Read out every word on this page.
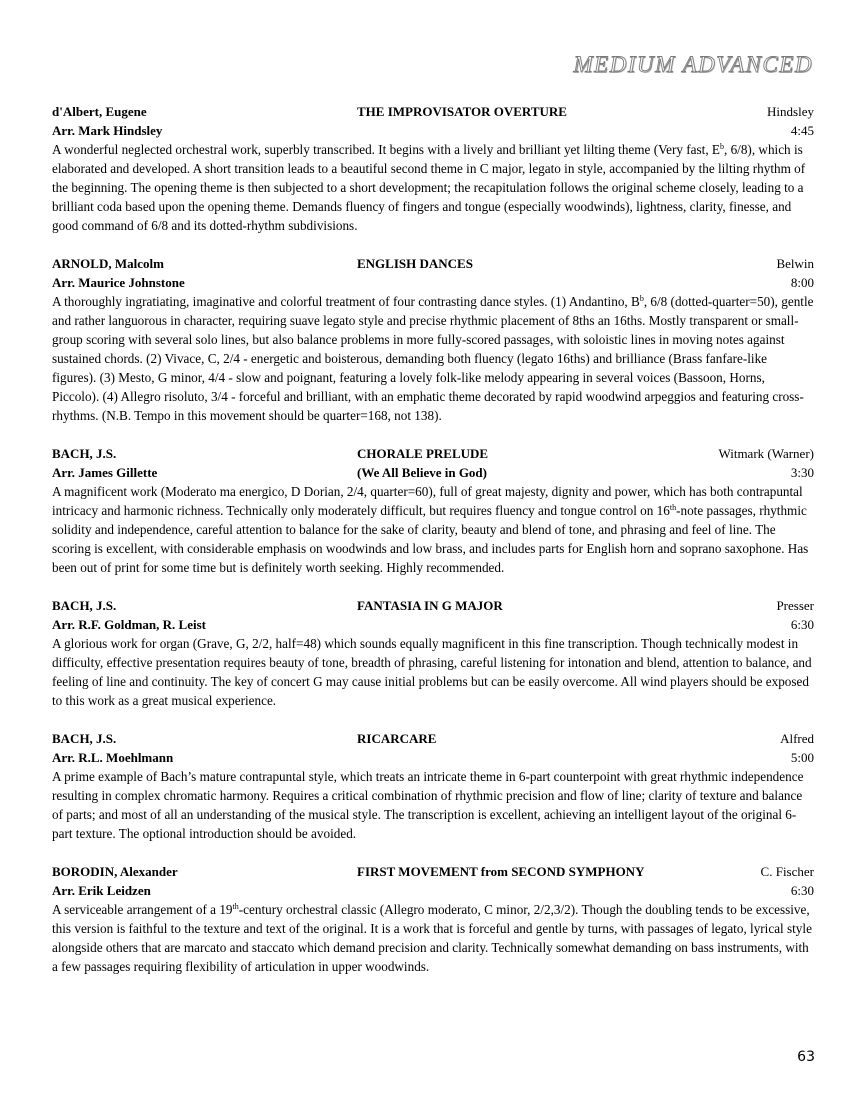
MEDIUM ADVANCED
d'Albert, Eugene	THE IMPROVISATOR OVERTURE	Hindsley
Arr. Mark Hindsley	4:45

A wonderful neglected orchestral work, superbly transcribed. It begins with a lively and brilliant yet lilting theme (Very fast, $E^b$, 6/8), which is elaborated and developed. A short transition leads to a beautiful second theme in C major, legato in style, accompanied by the lilting rhythm of the beginning. The opening theme is then subjected to a short development; the recapitulation follows the original scheme closely, leading to a brilliant coda based upon the opening theme. Demands fluency of fingers and tongue (especially woodwinds), lightness, clarity, finesse, and good command of 6/8 and its dotted-rhythm subdivisions.

ARNOLD, Malcolm	ENGLISH DANCES	Belwin
Arr. Maurice Johnstone	8:00

A thoroughly ingratiating, imaginative and colorful treatment of four contrasting dance styles. (1) Andantino, $B^b$, 6/8 (dotted-quarter=50), gentle and rather languorous in character, requiring suave legato style and precise rhythmic placement of 8ths an 16ths. Mostly transparent or small-group scoring with several solo lines, but also balance problems in more fully-scored passages, with soloistic lines in moving notes against sustained chords. (2) Vivace, C, 2/4 - energetic and boisterous, demanding both fluency (legato 16ths) and brilliance (Brass fanfare-like figures). (3) Mesto, G minor, 4/4 - slow and poignant, featuring a lovely folk-like melody appearing in several voices (Bassoon, Horns, Piccolo). (4) Allegro risoluto, 3/4 - forceful and brilliant, with an emphatic theme decorated by rapid woodwind arpeggios and featuring cross-rhythms. (N.B. Tempo in this movement should be quarter=168, not 138).

BACH, J.S.	CHORALE PRELUDE	Witmark (Warner)
Arr. James Gillette	(We All Believe in God)	3:30

A magnificent work (Moderato ma energico, D Dorian, 2/4, quarter=60), full of great majesty, dignity and power, which has both contrapuntal intricacy and harmonic richness. Technically only moderately difficult, but requires fluency and tongue control on 16th-note passages, rhythmic solidity and independence, careful attention to balance for the sake of clarity, beauty and blend of tone, and phrasing and feel of line. The scoring is excellent, with considerable emphasis on woodwinds and low brass, and includes parts for English horn and soprano saxophone. Has been out of print for some time but is definitely worth seeking. Highly recommended.

BACH, J.S.	FANTASIA IN G MAJOR	Presser
Arr. R.F. Goldman, R. Leist	6:30

A glorious work for organ (Grave, G, 2/2, half=48) which sounds equally magnificent in this fine transcription. Though technically modest in difficulty, effective presentation requires beauty of tone, breadth of phrasing, careful listening for intonation and blend, attention to balance, and feeling of line and continuity. The key of concert G may cause initial problems but can be easily overcome. All wind players should be exposed to this work as a great musical experience.

BACH, J.S.	RICARCARE	Alfred
Arr. R.L. Moehlmann	5:00

A prime example of Bach’s mature contrapuntal style, which treats an intricate theme in 6-part counterpoint with great rhythmic independence resulting in complex chromatic harmony. Requires a critical combination of rhythmic precision and flow of line; clarity of texture and balance of parts; and most of all an understanding of the musical style. The transcription is excellent, achieving an intelligent layout of the original 6-part texture. The optional introduction should be avoided.

BORODIN, Alexander	FIRST MOVEMENT from SECOND SYMPHONY	C. Fischer
Arr. Erik Leidzen	6:30

A serviceable arrangement of a 19th-century orchestral classic (Allegro moderato, C minor, 2/2,3/2). Though the doubling tends to be excessive, this version is faithful to the texture and text of the original. It is a work that is forceful and gentle by turns, with passages of legato, lyrical style alongside others that are marcato and staccato which demand precision and clarity. Technically somewhat demanding on bass instruments, with a few passages requiring flexibility of articulation in upper woodwinds.

63
